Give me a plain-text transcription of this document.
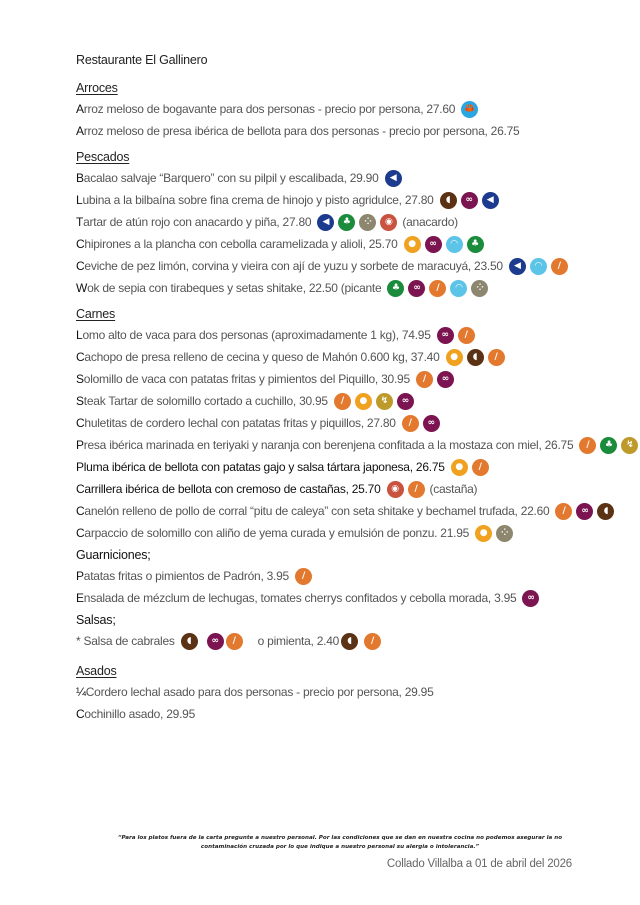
Restaurante El Gallinero
Arroces
A rroz meloso de bogavante para dos personas - precio por persona, 27.60	🦀
A rroz meloso de presa ibérica de bellota para dos personas - precio por persona, 26.75
Pescados
B acalao salvaje “Barquero” con su pilpil y escalibada, 29.90	◀
L ubina a la bilbaína sobre fina crema de hinojo y pisto agridulce, 27.80	◖	∞	◀
T artar de atún rojo con anacardo y piña, 27.80	◀	♣	⁘	◉ (anacardo)
C hipirones a la plancha con cebolla caramelizada y alioli, 25.70	●	∞	◠	♣
C eviche de pez limón, corvina y vieira con ají de yuzu y sorbete de maracuyá, 23.50	◀	◠	∕
W ok de sepia con tirabeques y setas shitake, 22.50 (picante	♣	∞	∕	◠	⁘
Carnes
L omo alto de vaca para dos personas (aproximadamente 1 kg), 74.95	∞	∕
C achopo de presa relleno de cecina y queso de Mahón 0.600 kg, 37.40	●	◖	∕
S olomillo de vaca con patatas fritas y pimientos del Piquillo, 30.95	∕	∞
S teak Tartar de solomillo cortado a cuchillo, 30.95	∕	●	↯	∞
C huletitas de cordero lechal con patatas fritas y piquillos, 27.80	∕	∞
P resa ibérica marinada en teriyaki y naranja con berenjena confitada a la mostaza con miel, 26.75	∕	♣	↯
P luma ibérica de bellota con patatas gajo y salsa tártara japonesa, 26.75	●	∕
C arrillera ibérica de bellota con cremoso de castañas, 25.70	◉	∕ (castaña)
C anelón relleno de pollo de corral “pitu de caleya” con seta shitake y bechamel trufada, 22.60	∕	∞	◖
C arpaccio de solomillo con aliño de yema curada y emulsión de ponzu. 21.95	●	⁘
Guarniciones;
P atatas fritas o pimientos de Padrón, 3.95	∕
E nsalada de mézclum de lechugas, tomates cherrys confitados y cebolla morada, 3.95	∞
Salsas;
* Salsa de cabrales	◖	∞	∕	o pimienta, 2.40 ◖	∕
Asados
¼ Cordero lechal asado para dos personas - precio por persona, 29.95
C ochinillo asado, 29.95
“Para los platos fuera de la carta pregunte a nuestro personal. Por las condiciones que se dan en nuestra cocina no podemos asegurar la no contaminación cruzada por lo que indique a nuestro personal su alergia o intolerancia.”
Collado Villalba a 01 de abril del 2026
